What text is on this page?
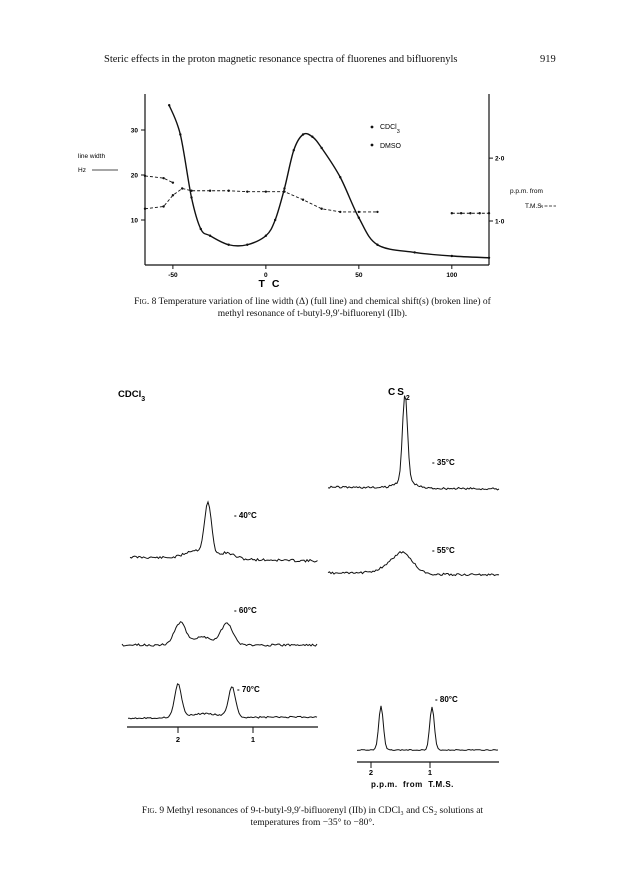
Steric effects in the proton magnetic resonance spectra of fluorenes and bifluorenyls	919
-50	0	50	100
10
20
30
1·0
2·0
T C
line width
Hz
p.p.m. from
T.M.S.
CDCl$_3$
DMSO
Fig. 8 Temperature variation of line width (Δ) (full line) and chemical shift(s) (broken line) of
methyl resonance of t-butyl-9,9′-bifluorenyl (IIb).
CDCl$_3$
$CS_2$
- 40°C
- 60°C
- 70°C
- 35°C
- 55°C
- 80°C
2	1
2	1
p.p.m.  from  T.M.S.
Fig. 9 Methyl resonances of 9-t-butyl-9,9′-bifluorenyl (IIb) in CDCl₃ and CS₂ solutions at
temperatures from −35° to −80°.
